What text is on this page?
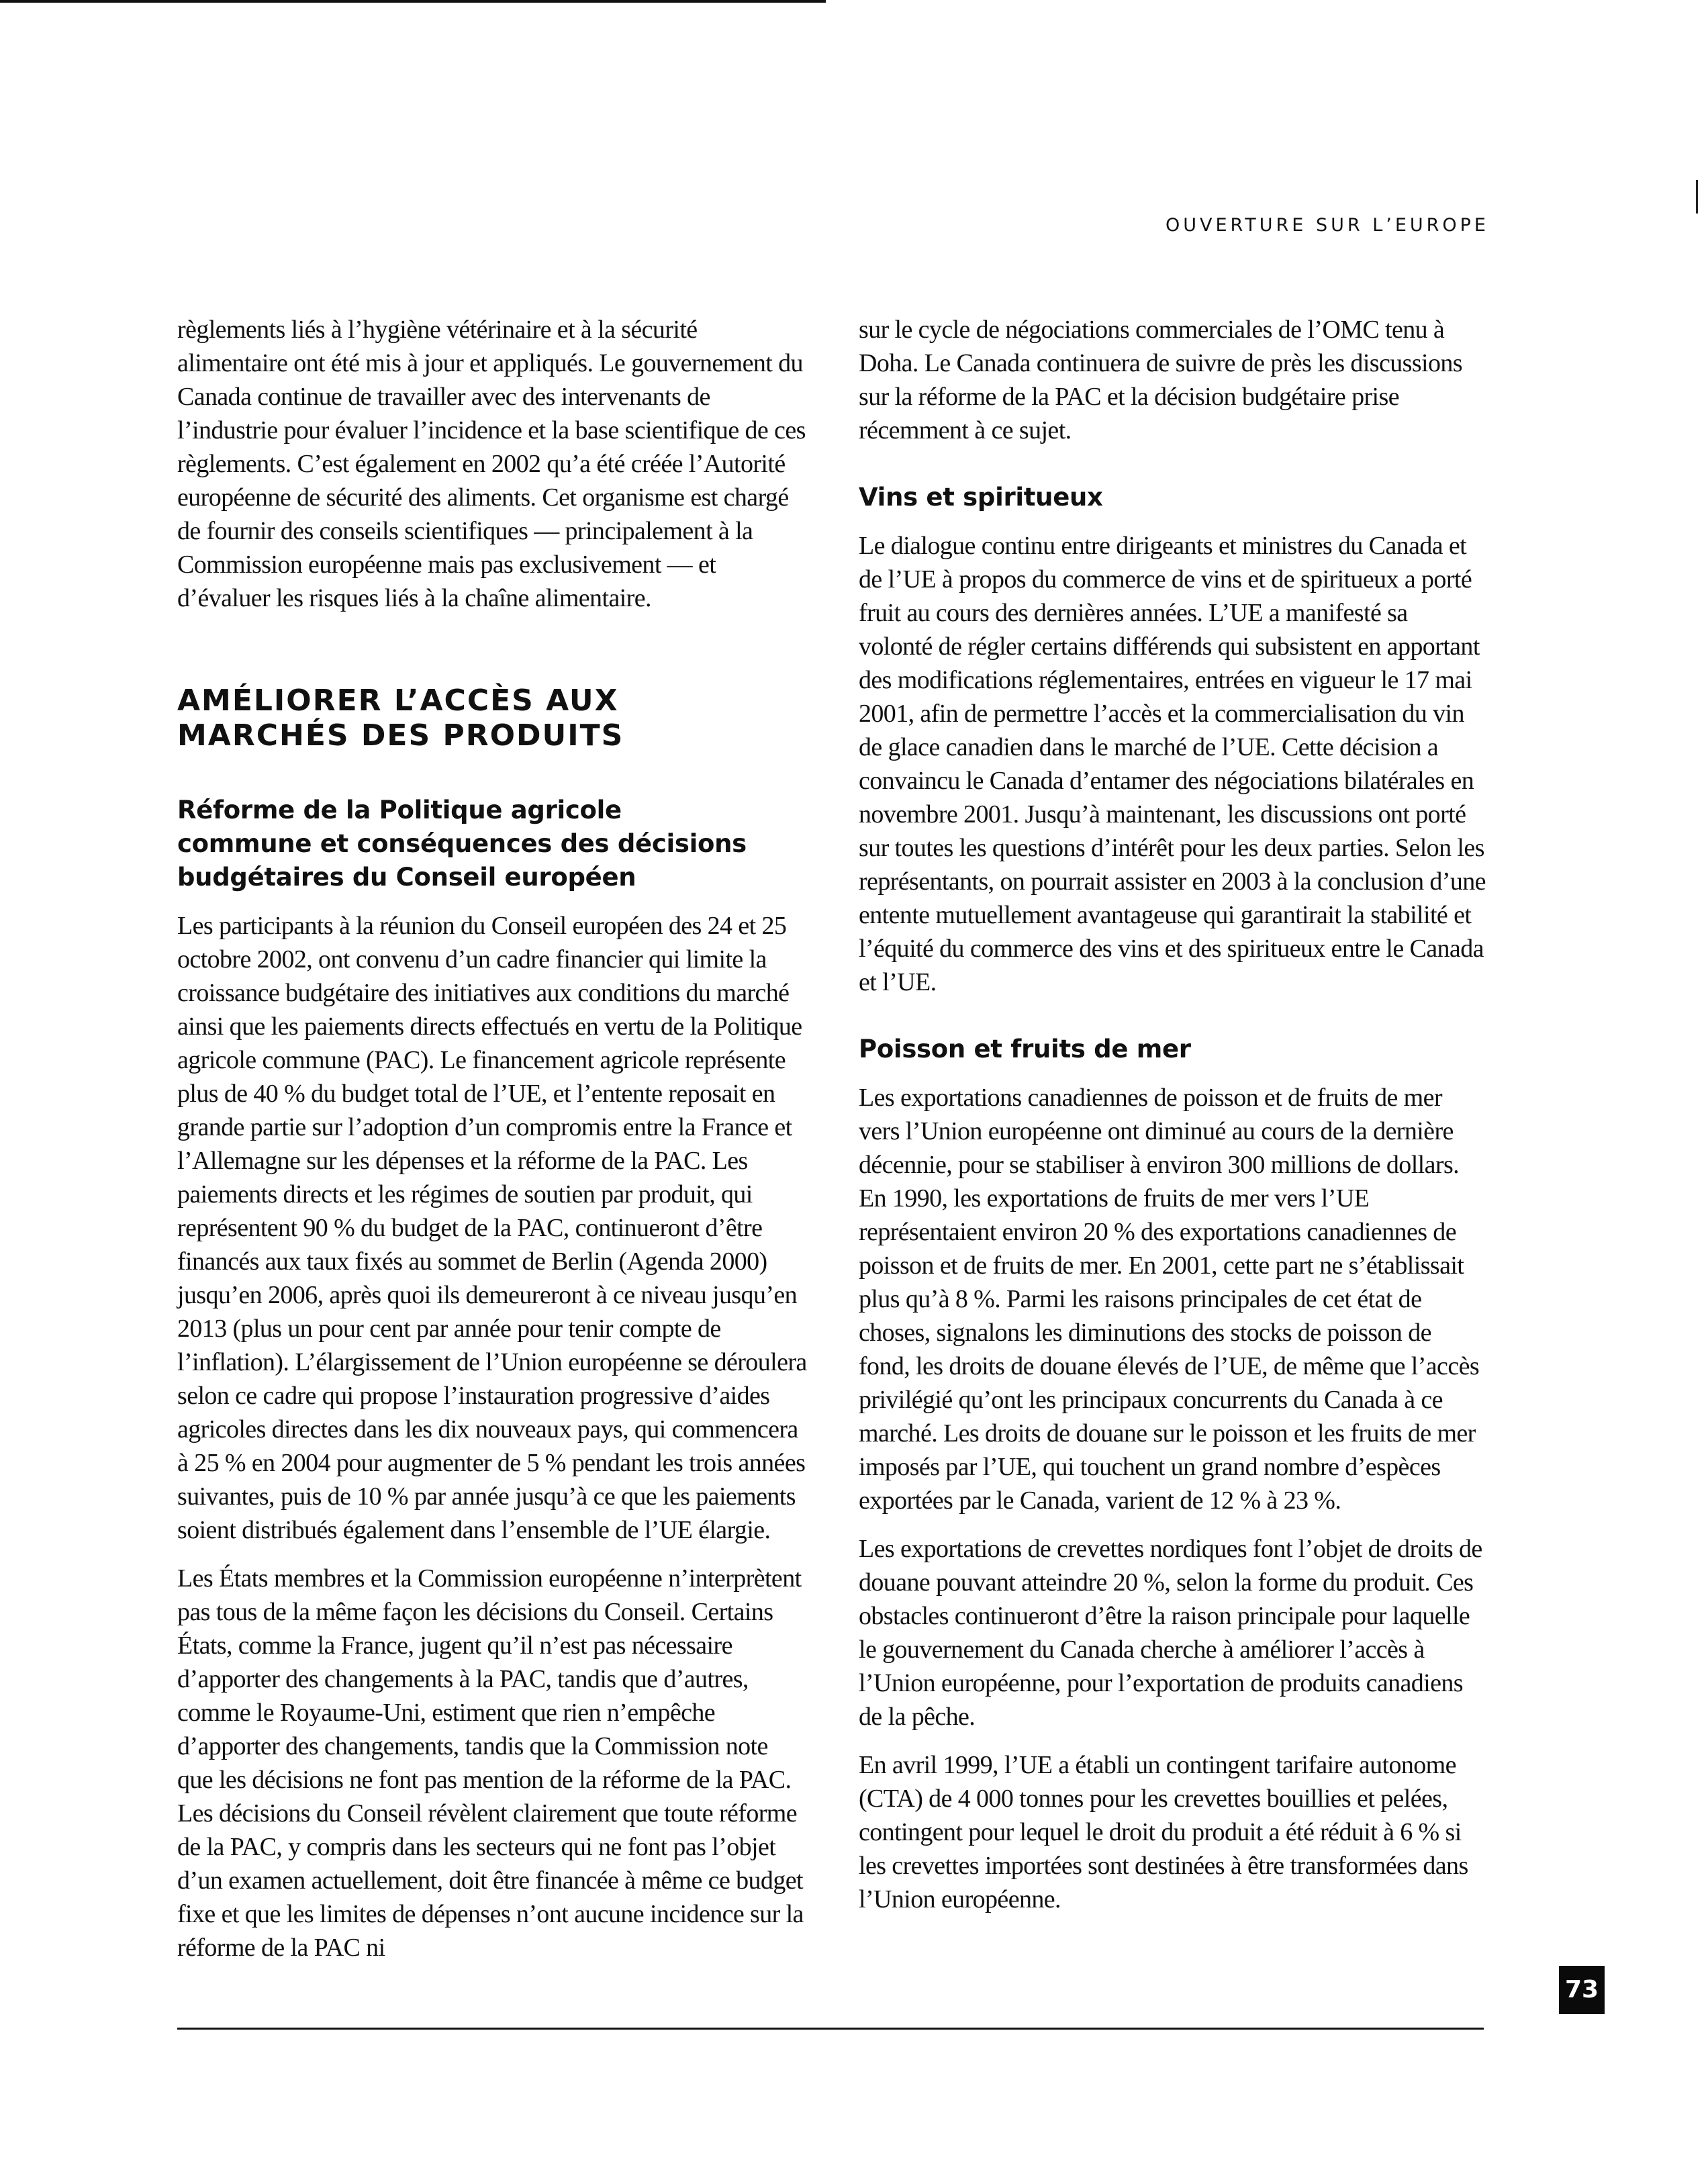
OUVERTURE SUR L’EUROPE

règlements liés à l’hygiène vétérinaire et à la sécurité alimentaire ont été mis à jour et appliqués. Le gouvernement du Canada continue de travailler avec des intervenants de l’industrie pour évaluer l’incidence et la base scientifique de ces règlements. C’est également en 2002 qu’a été créée l’Autorité européenne de sécurité des aliments. Cet organisme est chargé de fournir des conseils scientifiques — principalement à la Commission européenne mais pas exclusivement — et d’évaluer les risques liés à la chaîne alimentaire.

AMÉLIORER L’ACCÈS AUX MARCHÉS DES PRODUITS
Réforme de la Politique agricole commune et conséquences des décisions budgétaires du Conseil européen

Les participants à la réunion du Conseil européen des 24 et 25 octobre 2002, ont convenu d’un cadre financier qui limite la croissance budgétaire des initiatives aux conditions du marché ainsi que les paiements directs effectués en vertu de la Politique agricole commune (PAC). Le financement agricole représente plus de 40 % du budget total de l’UE, et l’entente reposait en grande partie sur l’adoption d’un compromis entre la France et l’Allemagne sur les dépenses et la réforme de la PAC. Les paiements directs et les régimes de soutien par produit, qui représentent 90 % du budget de la PAC, continueront d’être financés aux taux fixés au sommet de Berlin (Agenda 2000) jusqu’en 2006, après quoi ils demeureront à ce niveau jusqu’en 2013 (plus un pour cent par année pour tenir compte de l’inflation). L’élargissement de l’Union européenne se déroulera selon ce cadre qui propose l’instauration progressive d’aides agricoles directes dans les dix nouveaux pays, qui commencera à 25 % en 2004 pour augmenter de 5 % pendant les trois années suivantes, puis de 10 % par année jusqu’à ce que les paiements soient distribués également dans l’ensemble de l’UE élargie.

Les États membres et la Commission européenne n’interprètent pas tous de la même façon les décisions du Conseil. Certains États, comme la France, jugent qu’il n’est pas nécessaire d’apporter des changements à la PAC, tandis que d’autres, comme le Royaume-Uni, estiment que rien n’empêche d’apporter des changements, tandis que la Commission note que les décisions ne font pas mention de la réforme de la PAC. Les décisions du Conseil révèlent clairement que toute réforme de la PAC, y compris dans les secteurs qui ne font pas l’objet d’un examen actuellement, doit être financée à même ce budget fixe et que les limites de dépenses n’ont aucune incidence sur la réforme de la PAC ni

sur le cycle de négociations commerciales de l’OMC tenu à Doha. Le Canada continuera de suivre de près les discussions sur la réforme de la PAC et la décision budgétaire prise récemment à ce sujet.

Vins et spiritueux

Le dialogue continu entre dirigeants et ministres du Canada et de l’UE à propos du commerce de vins et de spiritueux a porté fruit au cours des dernières années. L’UE a manifesté sa volonté de régler certains différends qui subsistent en apportant des modifications réglementaires, entrées en vigueur le 17 mai 2001, afin de permettre l’accès et la commercialisation du vin de glace canadien dans le marché de l’UE. Cette décision a convaincu le Canada d’entamer des négociations bilatérales en novembre 2001. Jusqu’à maintenant, les discussions ont porté sur toutes les questions d’intérêt pour les deux parties. Selon les représentants, on pourrait assister en 2003 à la conclusion d’une entente mutuellement avantageuse qui garantirait la stabilité et l’équité du commerce des vins et des spiritueux entre le Canada et l’UE.

Poisson et fruits de mer

Les exportations canadiennes de poisson et de fruits de mer vers l’Union européenne ont diminué au cours de la dernière décennie, pour se stabiliser à environ 300 millions de dollars. En 1990, les exportations de fruits de mer vers l’UE représentaient environ 20 % des exportations canadiennes de poisson et de fruits de mer. En 2001, cette part ne s’établissait plus qu’à 8 %. Parmi les raisons principales de cet état de choses, signalons les diminutions des stocks de poisson de fond, les droits de douane élevés de l’UE, de même que l’accès privilégié qu’ont les principaux concurrents du Canada à ce marché. Les droits de douane sur le poisson et les fruits de mer imposés par l’UE, qui touchent un grand nombre d’espèces exportées par le Canada, varient de 12 % à 23 %.

Les exportations de crevettes nordiques font l’objet de droits de douane pouvant atteindre 20 %, selon la forme du produit. Ces obstacles continueront d’être la raison principale pour laquelle le gouvernement du Canada cherche à améliorer l’accès à l’Union européenne, pour l’exportation de produits canadiens de la pêche.

En avril 1999, l’UE a établi un contingent tarifaire autonome (CTA) de 4 000 tonnes pour les crevettes bouillies et pelées, contingent pour lequel le droit du produit a été réduit à 6 % si les crevettes importées sont destinées à être transformées dans l’Union européenne.

73
